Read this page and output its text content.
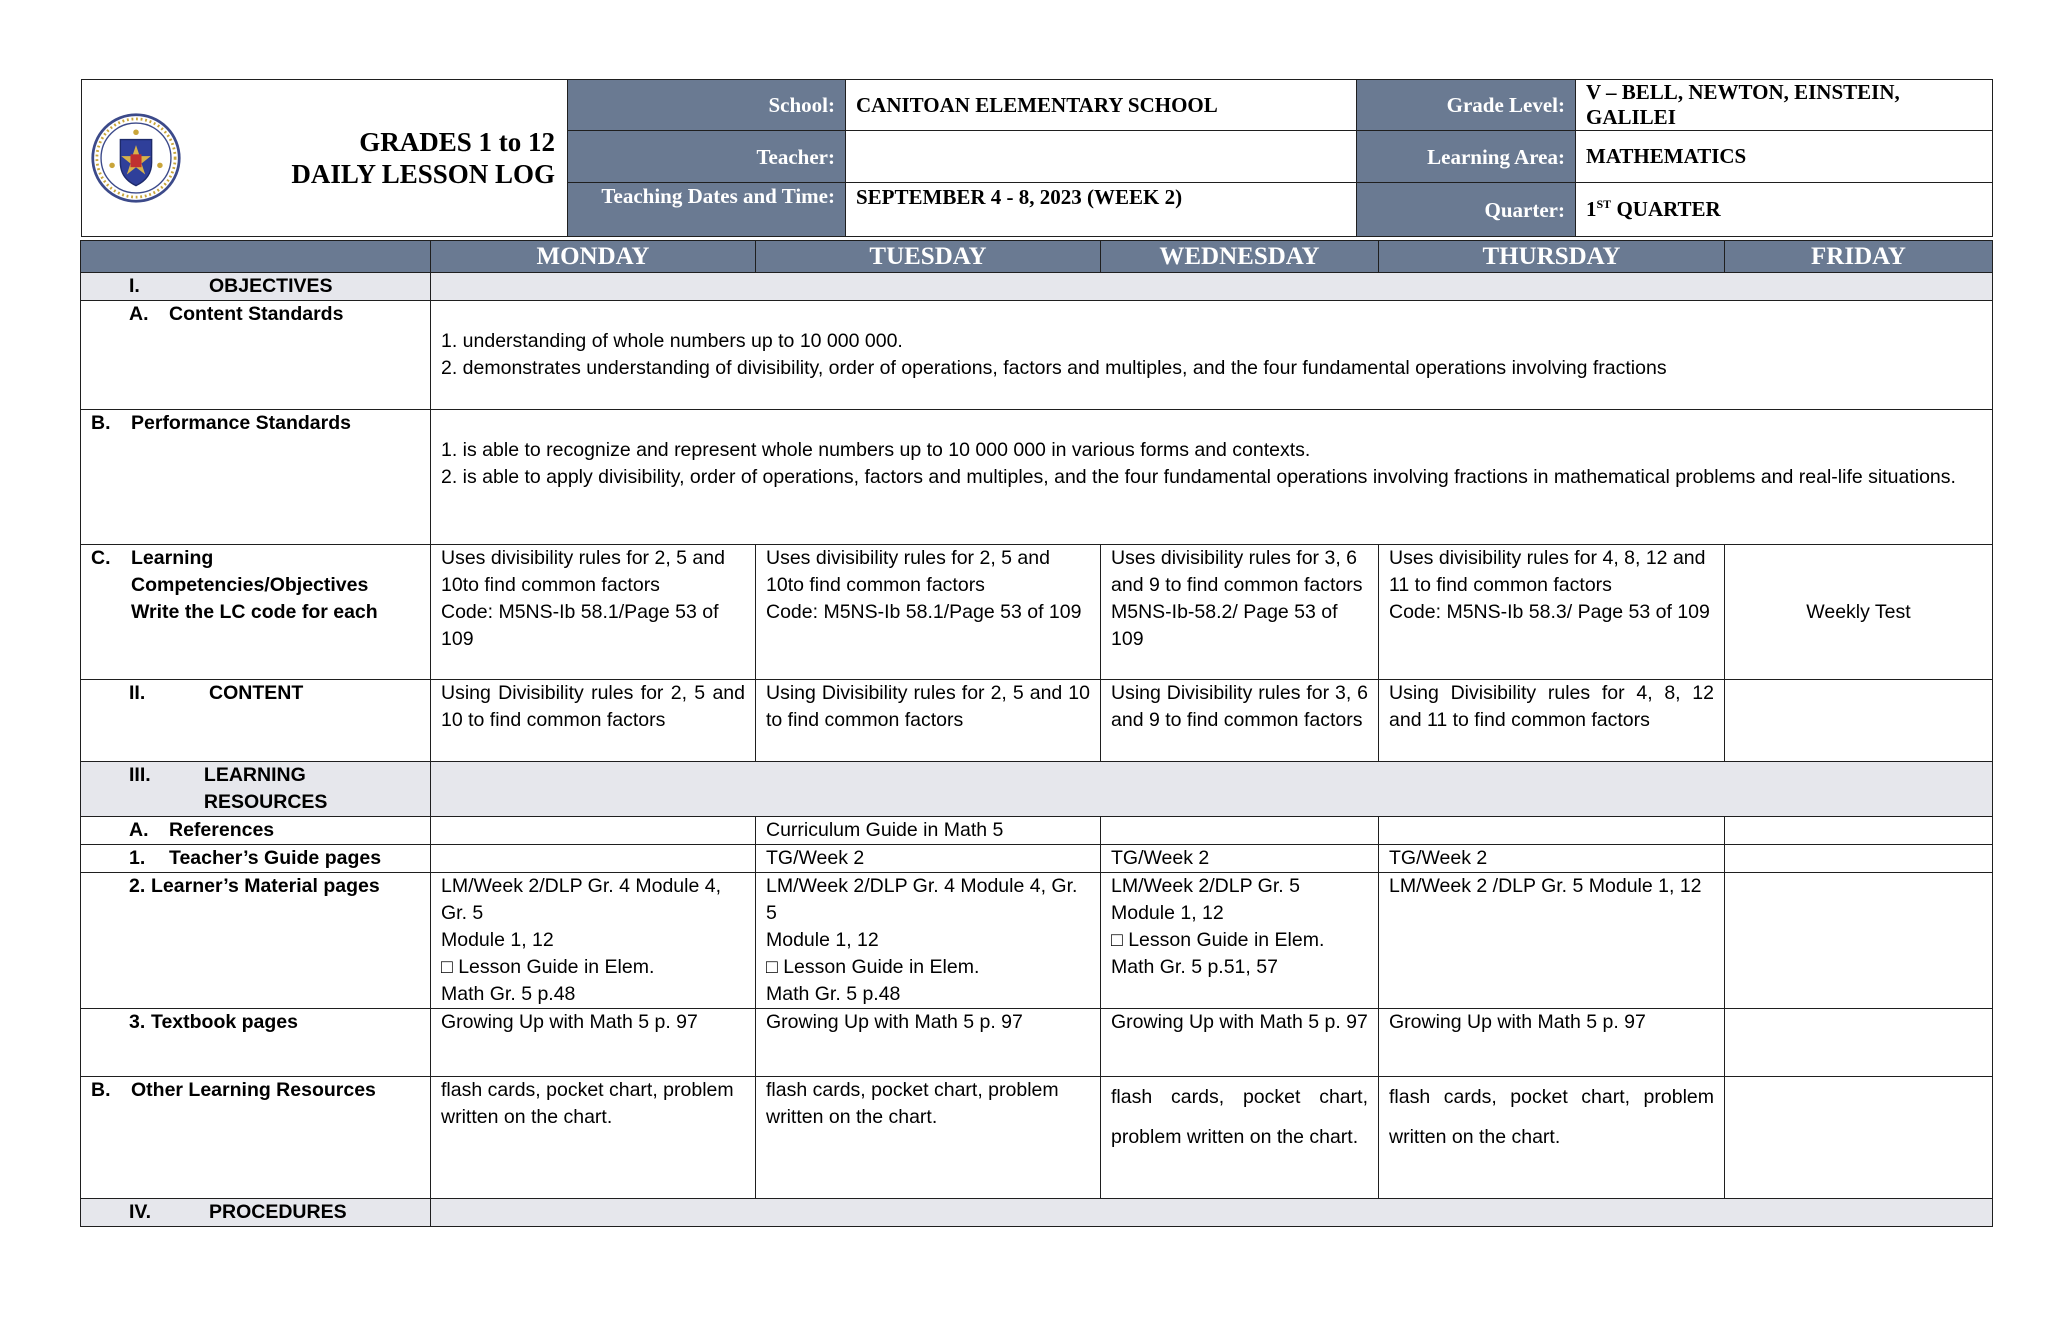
GRADES 1 to 12
DAILY LESSON LOG	School:	CANITOAN ELEMENTARY SCHOOL	Grade Level:	V – BELL, NEWTON, EINSTEIN, GALILEI
	Teacher:		Learning Area:	MATHEMATICS
	Teaching Dates and Time:	SEPTEMBER 4 - 8, 2023 (WEEK 2)	Quarter:	1ST QUARTER
	MONDAY	TUESDAY	WEDNESDAY	THURSDAY	FRIDAY

I. OBJECTIVES					

A. Content Standards	1. understanding of whole numbers up to 10 000 000.
2. demonstrates understanding of divisibility, order of operations, factors and multiples, and the four fundamental operations involving fractions				

B. Performance Standards	1. is able to recognize and represent whole numbers up to 10 000 000 in various forms and contexts.
2. is able to apply divisibility, order of operations, factors and multiples, and the four fundamental operations involving fractions in mathematical problems and real-life situations.				

C. Learning
Competencies/Objectives
Write the LC code for each	Uses divisibility rules for 2, 5 and 10to find common factors
Code: M5NS-Ib 58.1/Page 53 of 109	Uses divisibility rules for 2, 5 and 10to find common factors
Code: M5NS-Ib 58.1/Page 53 of 109	Uses divisibility rules for 3, 6 and 9 to find common factors
M5NS-Ib-58.2/ Page 53 of 109	Uses divisibility rules for 4, 8, 12 and 11 to find common factors
Code: M5NS-Ib 58.3/ Page 53 of 109	Weekly Test

II. CONTENT	Using Divisibility rules for 2, 5 and 10 to find common factors	Using Divisibility rules for 2, 5 and 10 to find common factors	Using Divisibility rules for 3, 6 and 9 to find common factors	Using Divisibility rules for 4, 8, 12 and 11 to find common factors	

III. LEARNING RESOURCES					

A. References		Curriculum Guide in Math 5			

1. Teacher’s Guide pages		TG/Week 2	TG/Week 2	TG/Week 2	

2. Learner’s Material pages	LM/Week 2/DLP Gr. 4 Module 4, Gr. 5
Module 1, 12
□ Lesson Guide in Elem.
Math Gr. 5 p.48	LM/Week 2/DLP Gr. 4 Module 4, Gr. 5
Module 1, 12
□ Lesson Guide in Elem.
Math Gr. 5 p.48	LM/Week 2/DLP Gr. 5
Module 1, 12
□ Lesson Guide in Elem.
Math Gr. 5 p.51, 57	LM/Week 2 /DLP Gr. 5 Module 1, 12	

3. Textbook pages	Growing Up with Math 5 p. 97	Growing Up with Math 5 p. 97	Growing Up with Math 5 p. 97	Growing Up with Math 5 p. 97	

B. Other Learning Resources	flash cards, pocket chart, problem written on the chart.	flash cards, pocket chart, problem written on the chart.	flash cards, pocket chart, problem written on the chart.	flash cards, pocket chart, problem written on the chart.	

IV. PROCEDURES					
